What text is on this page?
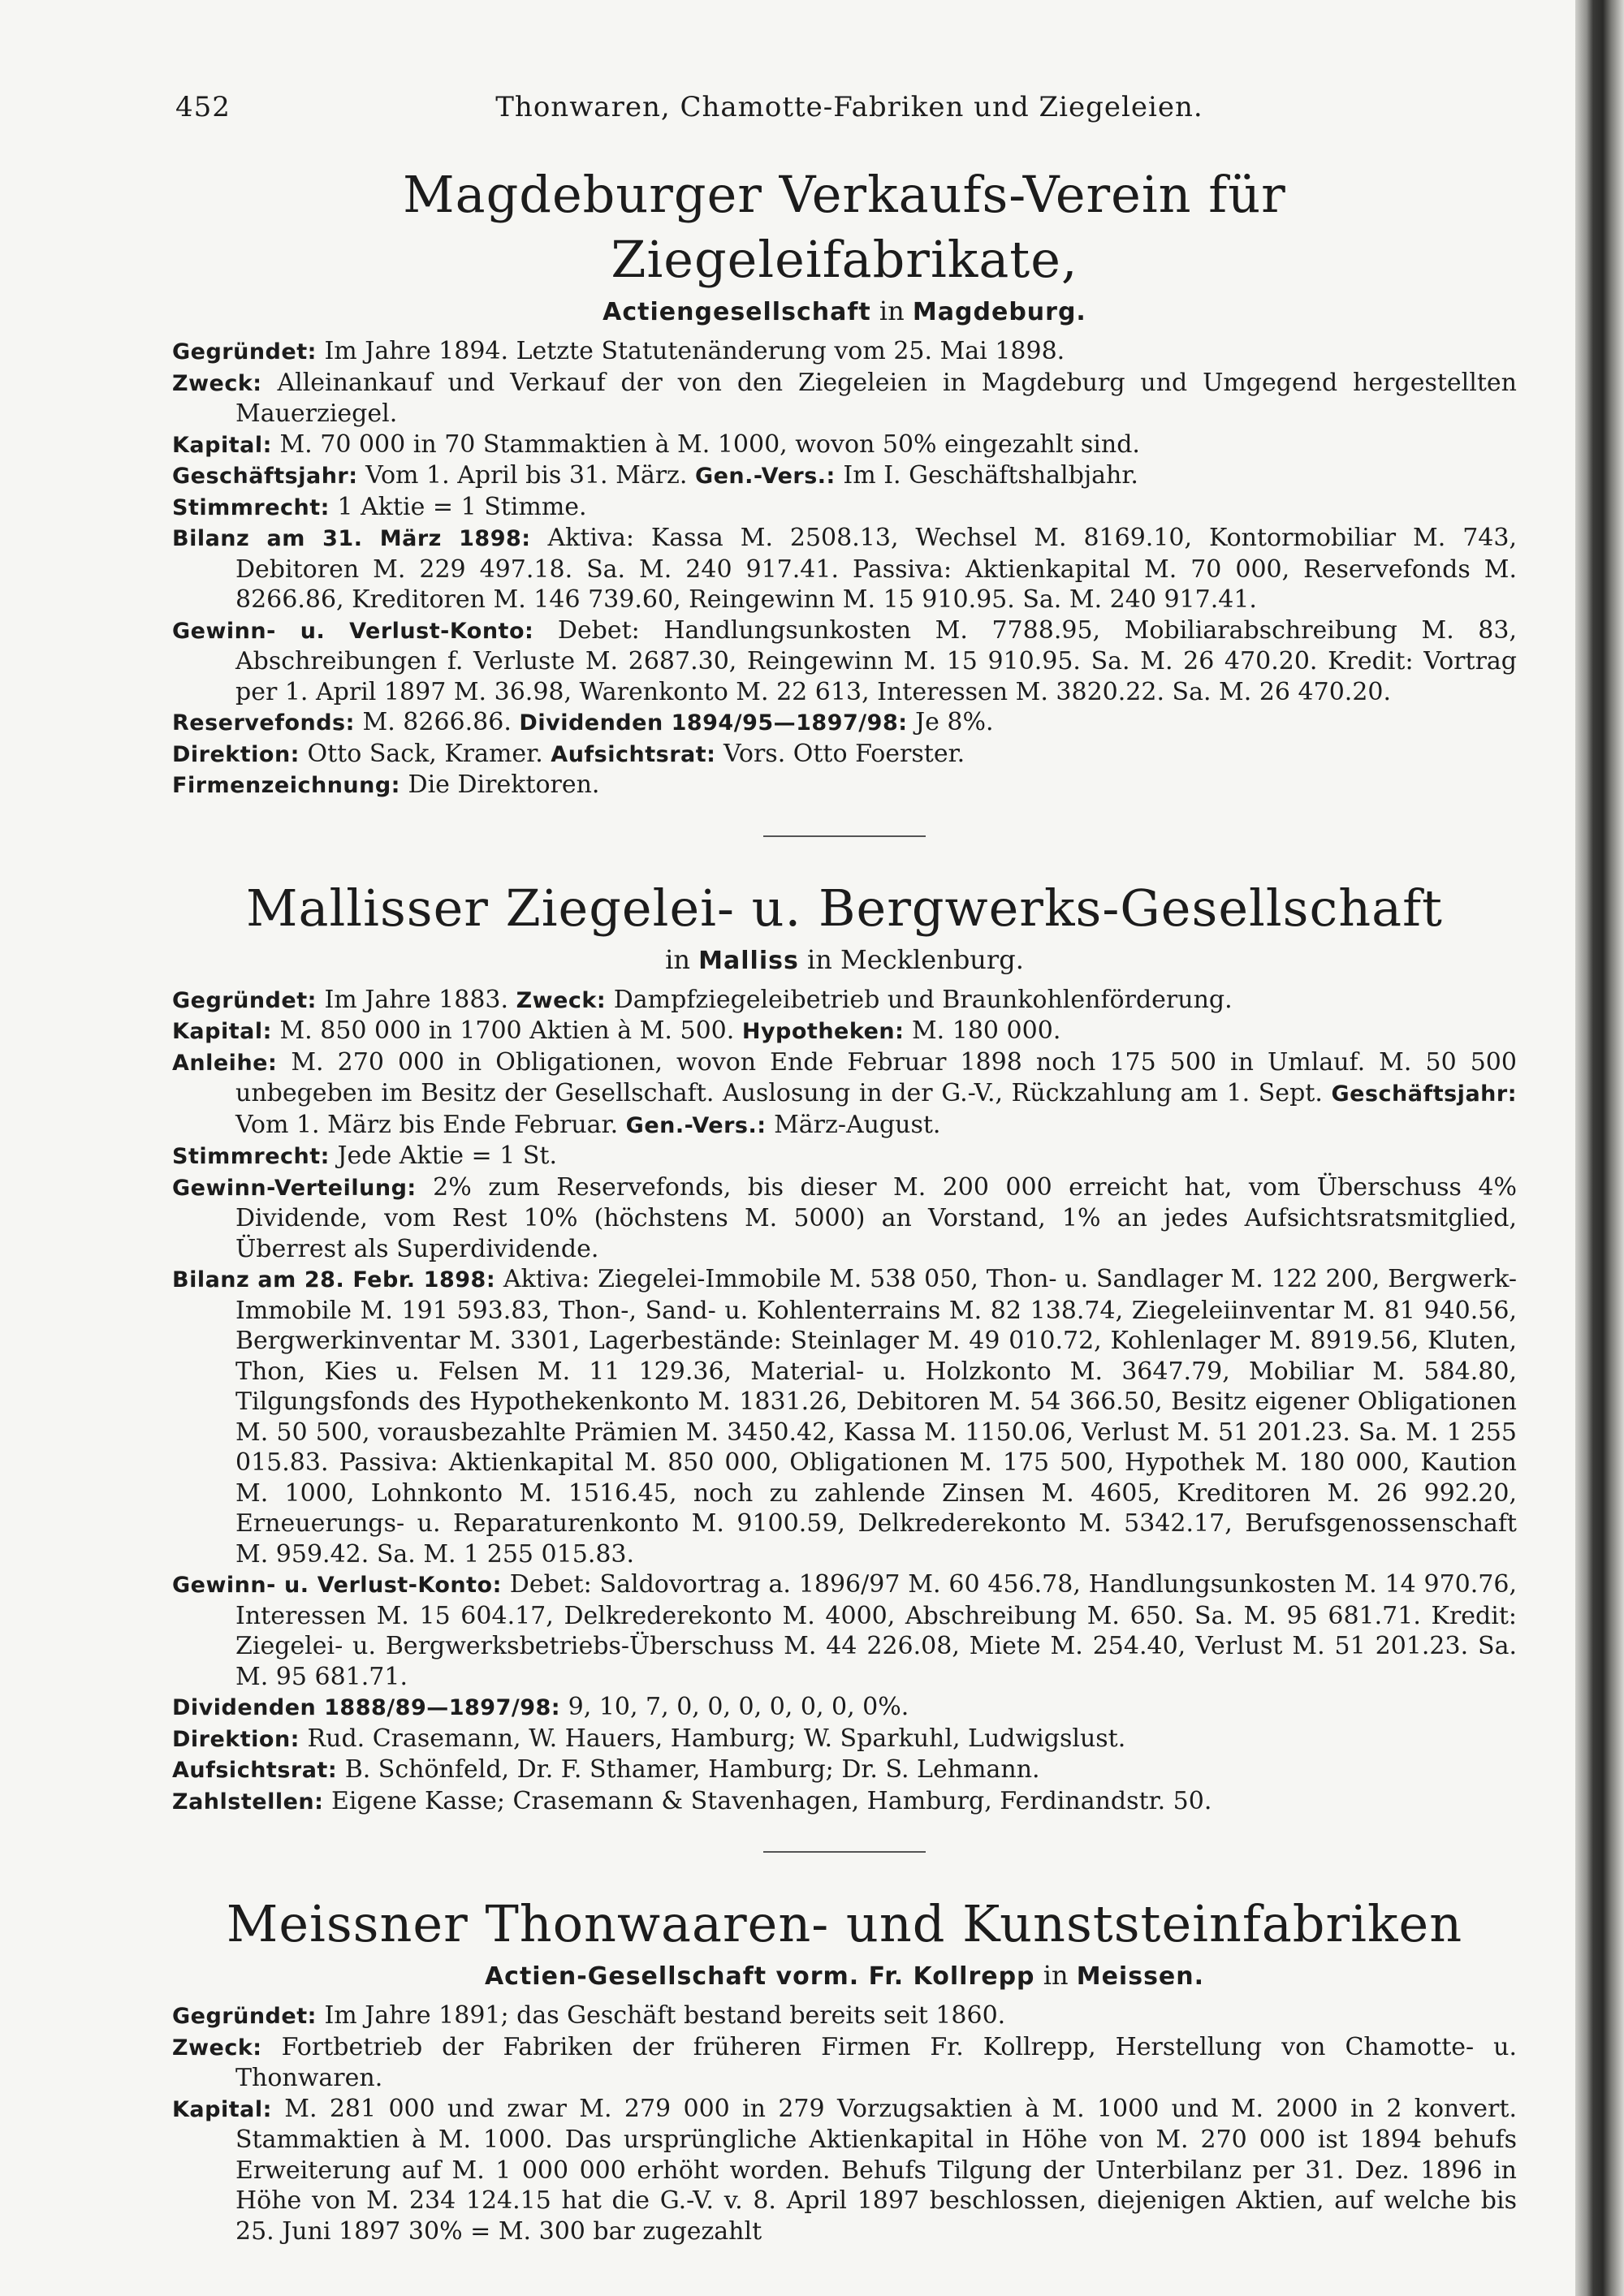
452	Thonwaren, Chamotte-Fabriken und Ziegeleien.
Magdeburger Verkaufs-Verein für Ziegeleifabrikate,

Actiengesellschaft in Magdeburg.

Gegründet: Im Jahre 1894. Letzte Statutenänderung vom 25. Mai 1898.

Zweck: Alleinankauf und Verkauf der von den Ziegeleien in Magdeburg und Umgegend hergestellten Mauerziegel.

Kapital: M. 70 000 in 70 Stammaktien à M. 1000, wovon 50% eingezahlt sind.

Geschäftsjahr: Vom 1. April bis 31. März. Gen.-Vers.: Im I. Geschäftshalbjahr.

Stimmrecht: 1 Aktie = 1 Stimme.

Bilanz am 31. März 1898: Aktiva: Kassa M. 2508.13, Wechsel M. 8169.10, Kontormobiliar M. 743, Debitoren M. 229 497.18. Sa. M. 240 917.41. Passiva: Aktienkapital M. 70 000, Reservefonds M. 8266.86, Kreditoren M. 146 739.60, Reingewinn M. 15 910.95. Sa. M. 240 917.41.

Gewinn- u. Verlust-Konto: Debet: Handlungsunkosten M. 7788.95, Mobiliarabschreibung M. 83, Abschreibungen f. Verluste M. 2687.30, Reingewinn M. 15 910.95. Sa. M. 26 470.20. Kredit: Vortrag per 1. April 1897 M. 36.98, Warenkonto M. 22 613, Interessen M. 3820.22. Sa. M. 26 470.20.

Reservefonds: M. 8266.86. Dividenden 1894/95—1897/98: Je 8%.

Direktion: Otto Sack, Kramer. Aufsichtsrat: Vors. Otto Foerster.

Firmenzeichnung: Die Direktoren.

Mallisser Ziegelei- u. Bergwerks-Gesellschaft

in Malliss in Mecklenburg.

Gegründet: Im Jahre 1883. Zweck: Dampfziegeleibetrieb und Braunkohlenförderung.

Kapital: M. 850 000 in 1700 Aktien à M. 500. Hypotheken: M. 180 000.

Anleihe: M. 270 000 in Obligationen, wovon Ende Februar 1898 noch 175 500 in Umlauf. M. 50 500 unbegeben im Besitz der Gesellschaft. Auslosung in der G.-V., Rückzahlung am 1. Sept. Geschäftsjahr: Vom 1. März bis Ende Februar. Gen.-Vers.: März-August.

Stimmrecht: Jede Aktie = 1 St.

Gewinn-Verteilung: 2% zum Reservefonds, bis dieser M. 200 000 erreicht hat, vom Überschuss 4% Dividende, vom Rest 10% (höchstens M. 5000) an Vorstand, 1% an jedes Aufsichtsratsmitglied, Überrest als Superdividende.

Bilanz am 28. Febr. 1898: Aktiva: Ziegelei-Immobile M. 538 050, Thon- u. Sandlager M. 122 200, Bergwerk-Immobile M. 191 593.83, Thon-, Sand- u. Kohlenterrains M. 82 138.74, Ziegeleiinventar M. 81 940.56, Bergwerkinventar M. 3301, Lagerbestände: Steinlager M. 49 010.72, Kohlenlager M. 8919.56, Kluten, Thon, Kies u. Felsen M. 11 129.36, Material- u. Holzkonto M. 3647.79, Mobiliar M. 584.80, Tilgungsfonds des Hypothekenkonto M. 1831.26, Debitoren M. 54 366.50, Besitz eigener Obligationen M. 50 500, vorausbezahlte Prämien M. 3450.42, Kassa M. 1150.06, Verlust M. 51 201.23. Sa. M. 1 255 015.83. Passiva: Aktienkapital M. 850 000, Obligationen M. 175 500, Hypothek M. 180 000, Kaution M. 1000, Lohnkonto M. 1516.45, noch zu zahlende Zinsen M. 4605, Kreditoren M. 26 992.20, Erneuerungs- u. Reparaturenkonto M. 9100.59, Delkrederekonto M. 5342.17, Berufsgenossenschaft M. 959.42. Sa. M. 1 255 015.83.

Gewinn- u. Verlust-Konto: Debet: Saldovortrag a. 1896/97 M. 60 456.78, Handlungsunkosten M. 14 970.76, Interessen M. 15 604.17, Delkrederekonto M. 4000, Abschreibung M. 650. Sa. M. 95 681.71. Kredit: Ziegelei- u. Bergwerksbetriebs-Überschuss M. 44 226.08, Miete M. 254.40, Verlust M. 51 201.23. Sa. M. 95 681.71.

Dividenden 1888/89—1897/98: 9, 10, 7, 0, 0, 0, 0, 0, 0, 0%.

Direktion: Rud. Crasemann, W. Hauers, Hamburg; W. Sparkuhl, Ludwigslust.

Aufsichtsrat: B. Schönfeld, Dr. F. Sthamer, Hamburg; Dr. S. Lehmann.

Zahlstellen: Eigene Kasse; Crasemann & Stavenhagen, Hamburg, Ferdinandstr. 50.

Meissner Thonwaaren- und Kunststeinfabriken

Actien-Gesellschaft vorm. Fr. Kollrepp in Meissen.

Gegründet: Im Jahre 1891; das Geschäft bestand bereits seit 1860.

Zweck: Fortbetrieb der Fabriken der früheren Firmen Fr. Kollrepp, Herstellung von Chamotte- u. Thonwaren.

Kapital: M. 281 000 und zwar M. 279 000 in 279 Vorzugsaktien à M. 1000 und M. 2000 in 2 konvert. Stammaktien à M. 1000. Das ursprüngliche Aktienkapital in Höhe von M. 270 000 ist 1894 behufs Erweiterung auf M. 1 000 000 erhöht worden. Behufs Tilgung der Unterbilanz per 31. Dez. 1896 in Höhe von M. 234 124.15 hat die G.-V. v. 8. April 1897 beschlossen, diejenigen Aktien, auf welche bis 25. Juni 1897 30% = M. 300 bar zugezahlt
